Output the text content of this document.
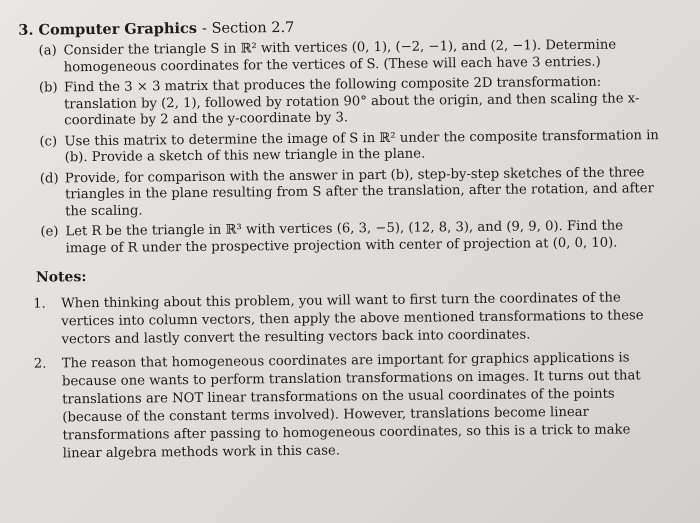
3. Computer Graphics - Section 2.7
(a) Consider the triangle S in ℝ² with vertices (0, 1), (−2, −1), and (2, −1). Determine homogeneous coordinates for the vertices of S. (These will each have 3 entries.)
(b) Find the 3 × 3 matrix that produces the following composite 2D transformation: translation by (2, 1), followed by rotation 90° about the origin, and then scaling the x-coordinate by 2 and the y-coordinate by 3.
(c) Use this matrix to determine the image of S in ℝ² under the composite transformation in (b). Provide a sketch of this new triangle in the plane.
(d) Provide, for comparison with the answer in part (b), step-by-step sketches of the three triangles in the plane resulting from S after the translation, after the rotation, and after the scaling.
(e) Let R be the triangle in ℝ³ with vertices (6, 3, −5), (12, 8, 3), and (9, 9, 0). Find the image of R under the prospective projection with center of projection at (0, 0, 10).
Notes:
1. When thinking about this problem, you will want to first turn the coordinates of the vertices into column vectors, then apply the above mentioned transformations to these vectors and lastly convert the resulting vectors back into coordinates.
2. The reason that homogeneous coordinates are important for graphics applications is because one wants to perform translation transformations on images. It turns out that translations are NOT linear transformations on the usual coordinates of the points (because of the constant terms involved). However, translations become linear transformations after passing to homogeneous coordinates, so this is a trick to make linear algebra methods work in this case.
